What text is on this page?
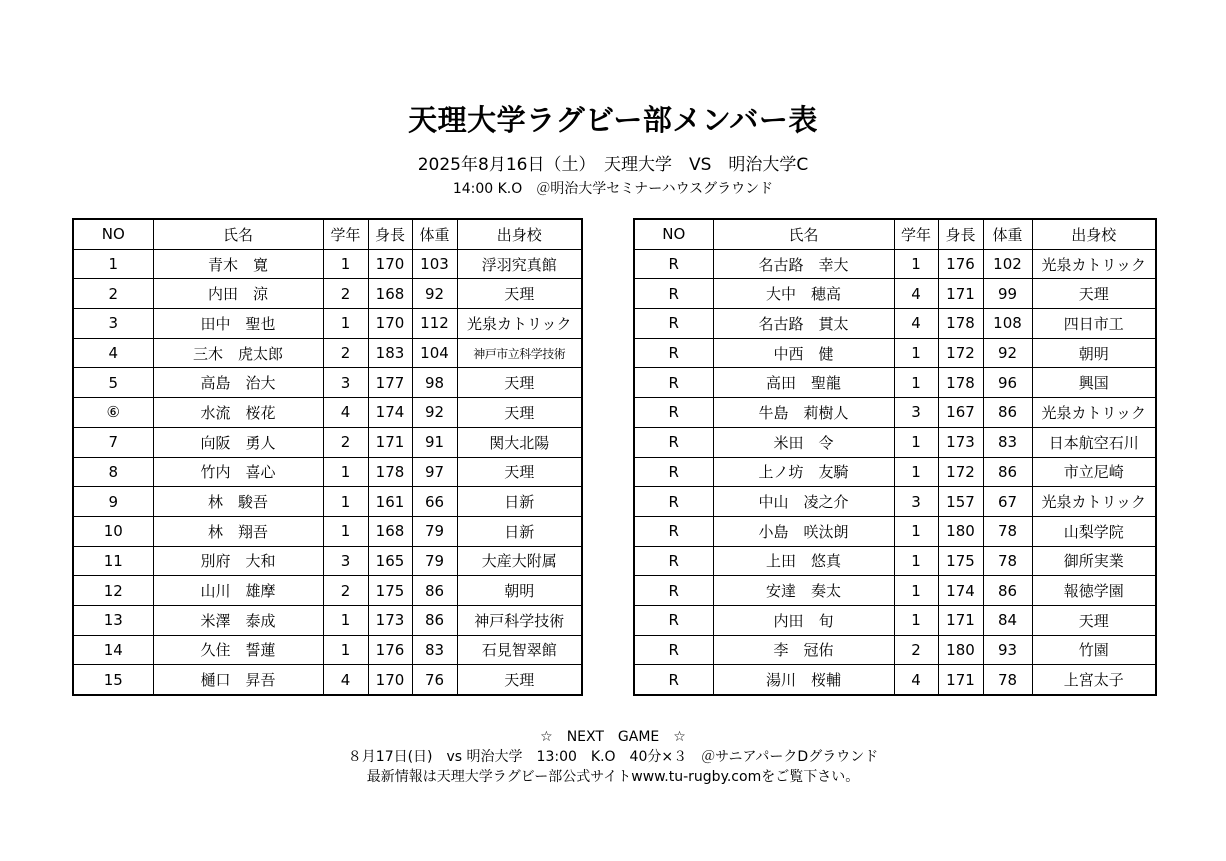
天理大学ラグビー部メンバー表
2025年8月16日（土）　天理大学　VS　明治大学C
14:00 K.O　＠明治大学セミナーハウスグラウンド
NO	氏名	学年	身長	体重	出身校
1	青木　寛	1	170	103	浮羽究真館
2	内田　涼	2	168	92	天理
3	田中　聖也	1	170	112	光泉カトリック
4	三木　虎太郎	2	183	104	神戸市立科学技術
5	高島　治大	3	177	98	天理
⑥	水流　桜花	4	174	92	天理
7	向阪　勇人	2	171	91	関大北陽
8	竹内　喜心	1	178	97	天理
9	林　駿吾	1	161	66	日新
10	林　翔吾	1	168	79	日新
11	別府　大和	3	165	79	大産大附属
12	山川　雄摩	2	175	86	朝明
13	米澤　泰成	1	173	86	神戸科学技術
14	久住　誓蓮	1	176	83	石見智翠館
15	樋口　昇吾	4	170	76	天理
NO	氏名	学年	身長	体重	出身校
R	名古路　幸大	1	176	102	光泉カトリック
R	大中　穂高	4	171	99	天理
R	名古路　貫太	4	178	108	四日市工
R	中西　健	1	172	92	朝明
R	高田　聖龍	1	178	96	興国
R	牛島　莉樹人	3	167	86	光泉カトリック
R	米田　令	1	173	83	日本航空石川
R	上ノ坊　友騎	1	172	86	市立尼崎
R	中山　凌之介	3	157	67	光泉カトリック
R	小島　咲汰朗	1	180	78	山梨学院
R	上田　悠真	1	175	78	御所実業
R	安達　奏太	1	174	86	報徳学園
R	内田　旬	1	171	84	天理
R	李　冠佑	2	180	93	竹園
R	湯川　桜輔	4	171	78	上宮太子
☆　NEXT　GAME　☆
８月17日(日)　vs 明治大学　13:00　K.O　40分×３　＠サニアパークDグラウンド
最新情報は天理大学ラグビー部公式サイトwww.tu-rugby.comをご覧下さい。
